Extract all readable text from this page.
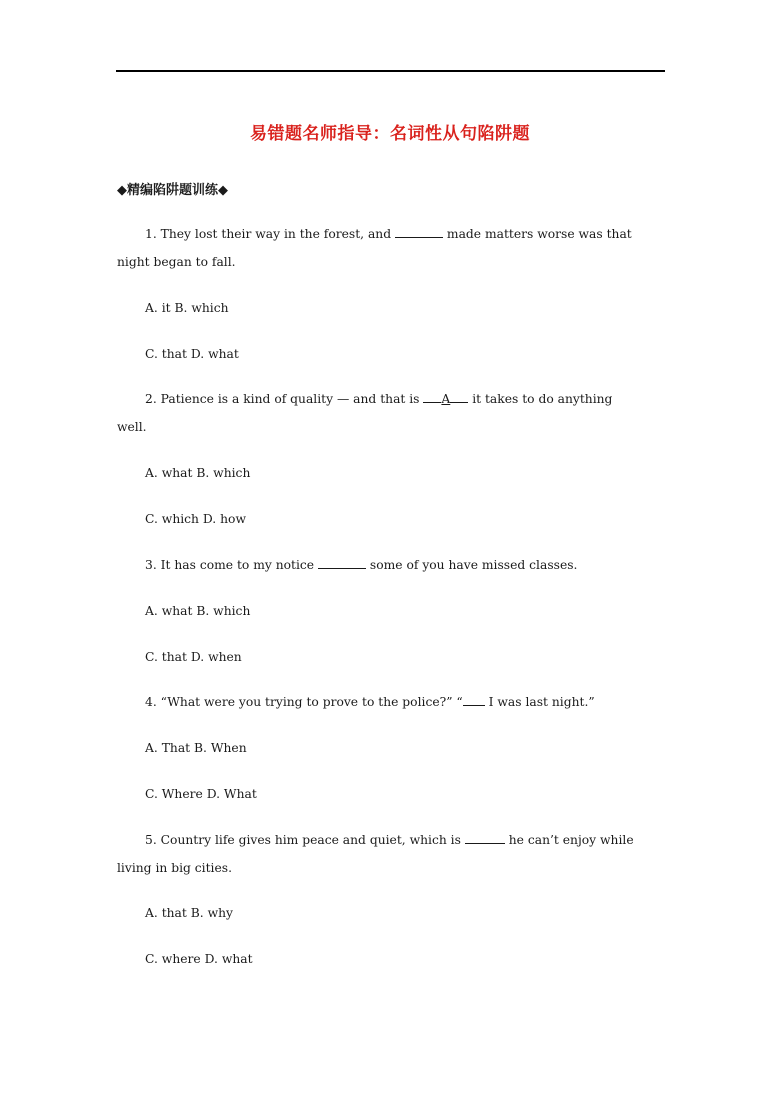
易错题名师指导：名词性从句陷阱题
◆精编陷阱题训练◆
1. They lost their way in the forest, and	made matters worse was that
night began to fall.
A. it B. which
C. that D. what
2. Patience is a kind of quality — and that is A it takes to do anything
well.
A. what B. which
C. which D. how
3. It has come to my notice	some of you have missed classes.
A. what B. which
C. that D. when
4. “What were you trying to prove to the police?” “ I was last night.”
A. That B. When
C. Where D. What
5. Country life gives him peace and quiet, which is	he can’t enjoy while
living in big cities.
A. that B. why
C. where D. what
